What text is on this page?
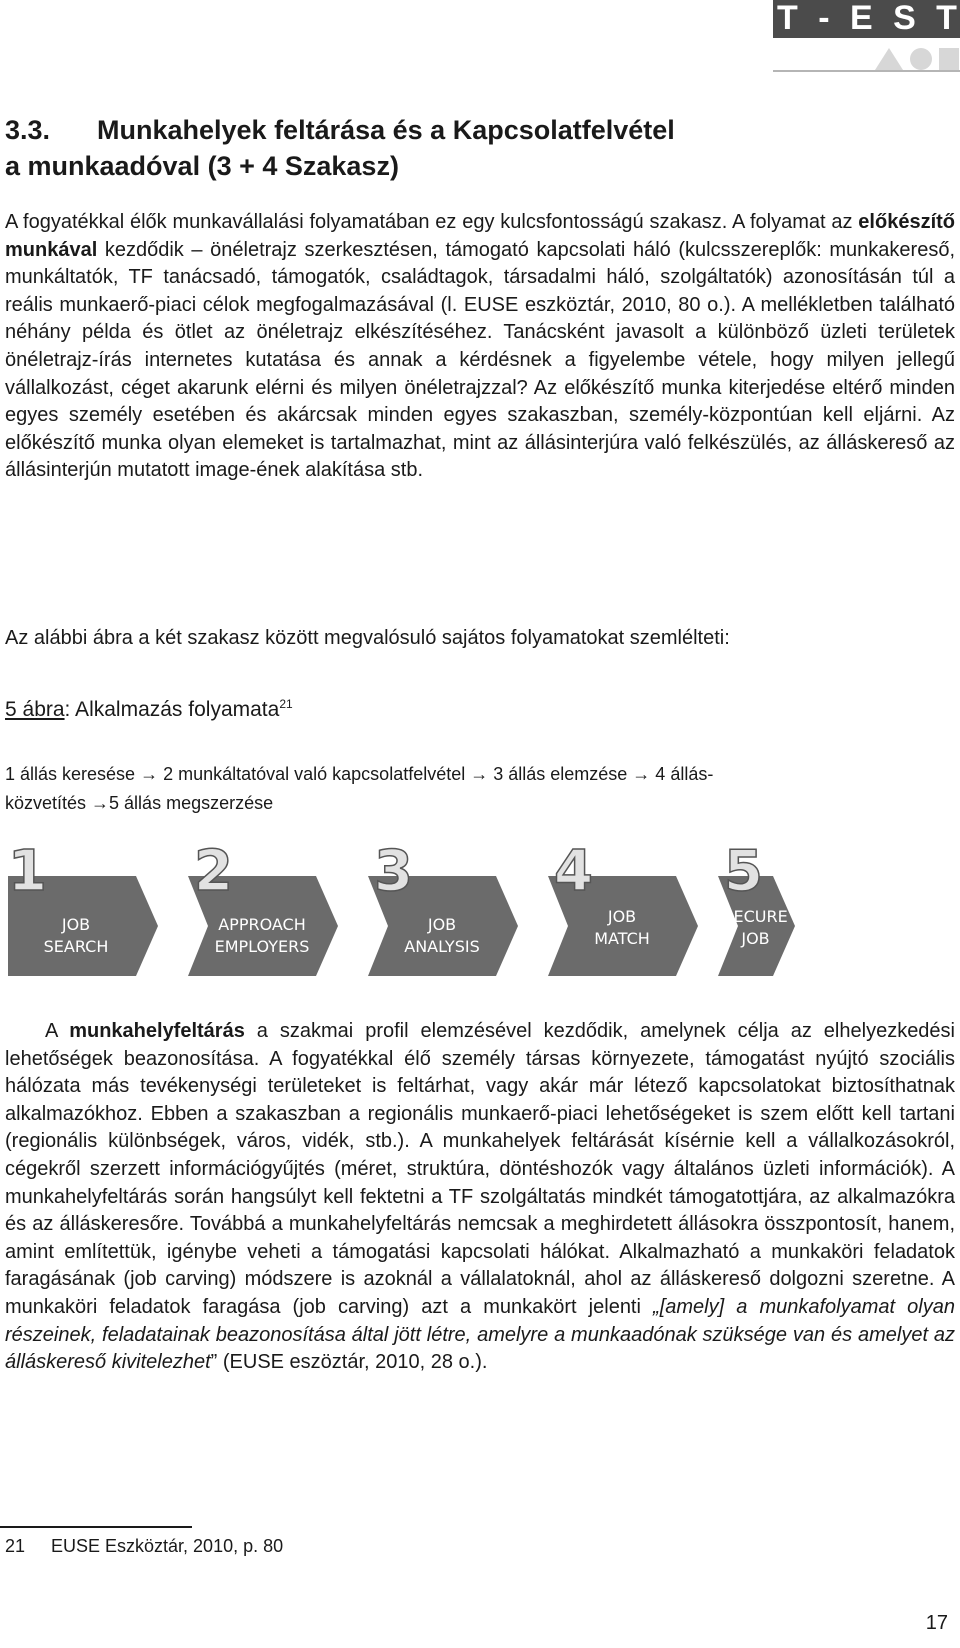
T - E S T
3.3. Munkahelyek feltárása és a Kapcsolatfelvétel
a munkaadóval (3 + 4 Szakasz)

A fogyatékkal élők munkavállalási folyamatában ez egy kulcsfontosságú szakasz. A folyamat az előkészítő munkával kezdődik – önéletrajz szerkesztésen, támogató kapcsolati háló (kulcsszereplők: munkakereső, munkáltatók, TF tanácsadó, támogatók, családtagok, társadalmi háló, szolgáltatók) azonosításán túl a reális munkaerő-piaci célok megfogalmazásával (l. EUSE eszköztár, 2010, 80 o.). A mellékletben található néhány példa és ötlet az önéletrajz elkészítéséhez. Tanácsként javasolt a különböző üzleti területek önéletrajz-írás internetes kutatása és annak a kérdésnek a figyelembe vétele, hogy milyen jellegű vállalkozást, céget akarunk elérni és milyen önéletrajzzal? Az előkészítő munka kiterjedése eltérő minden egyes személy esetében és akárcsak minden egyes szakaszban, személy-központúan kell eljárni. Az előkészítő munka olyan elemeket is tartalmazhat, mint az állásinterjúra való felkészülés, az álláskereső az állásinterjún mutatott image-ének alakítása stb.

Az alábbi ábra a két szakasz között megvalósuló sajátos folyamatokat szemlélteti:

5 ábra: Alkalmazás folyamata$^{21}$
1 állás keresése → 2 munkáltatóval való kapcsolatfelvétel → 3 állás elemzése → 4 állás-
közvetítés →5 állás megszerzése
1
JOB
SEARCH
2
APPROACH
EMPLOYERS
3
JOB
ANALYSIS
4
JOB
MATCH
5
SECURE
JOB

A munkahelyfeltárás a szakmai profil elemzésével kezdődik, amelynek célja az elhelyezkedési lehetőségek beazonosítása. A fogyatékkal élő személy társas környezete, támogatást nyújtó szociális hálózata más tevékenységi területeket is feltárhat, vagy akár már létező kapcsolatokat biztosíthatnak alkalmazókhoz. Ebben a szakaszban a regionális munkaerő-piaci lehetőségeket is szem előtt kell tartani (regionális különbségek, város, vidék, stb.). A munkahelyek feltárását kísérnie kell a vállalkozásokról, cégekről szerzett információgyűjtés (méret, struktúra, döntéshozók vagy általános üzleti információk). A munkahelyfeltárás során hangsúlyt kell fektetni a TF szolgáltatás mindkét támogatottjára, az alkalmazókra és az álláskeresőre. Továbbá a munkahelyfeltárás nemcsak a meghirdetett állásokra összpontosít, hanem, amint említettük, igénybe veheti a támogatási kapcsolati hálókat. Alkalmazható a munkaköri feladatok faragásának (job carving) módszere is azoknál a vállalatoknál, ahol az álláskereső dolgozni szeretne. A munkaköri feladatok faragása (job carving) azt a munkakört jelenti „[amely] a munkafolyamat olyan részeinek, feladatainak beazonosítása által jött létre, amelyre a munkaadónak szüksége van és amelyet az álláskereső kivitelezhet” (EUSE eszöztár, 2010, 28 o.).

21 EUSE Eszköztár, 2010, p. 80
17
